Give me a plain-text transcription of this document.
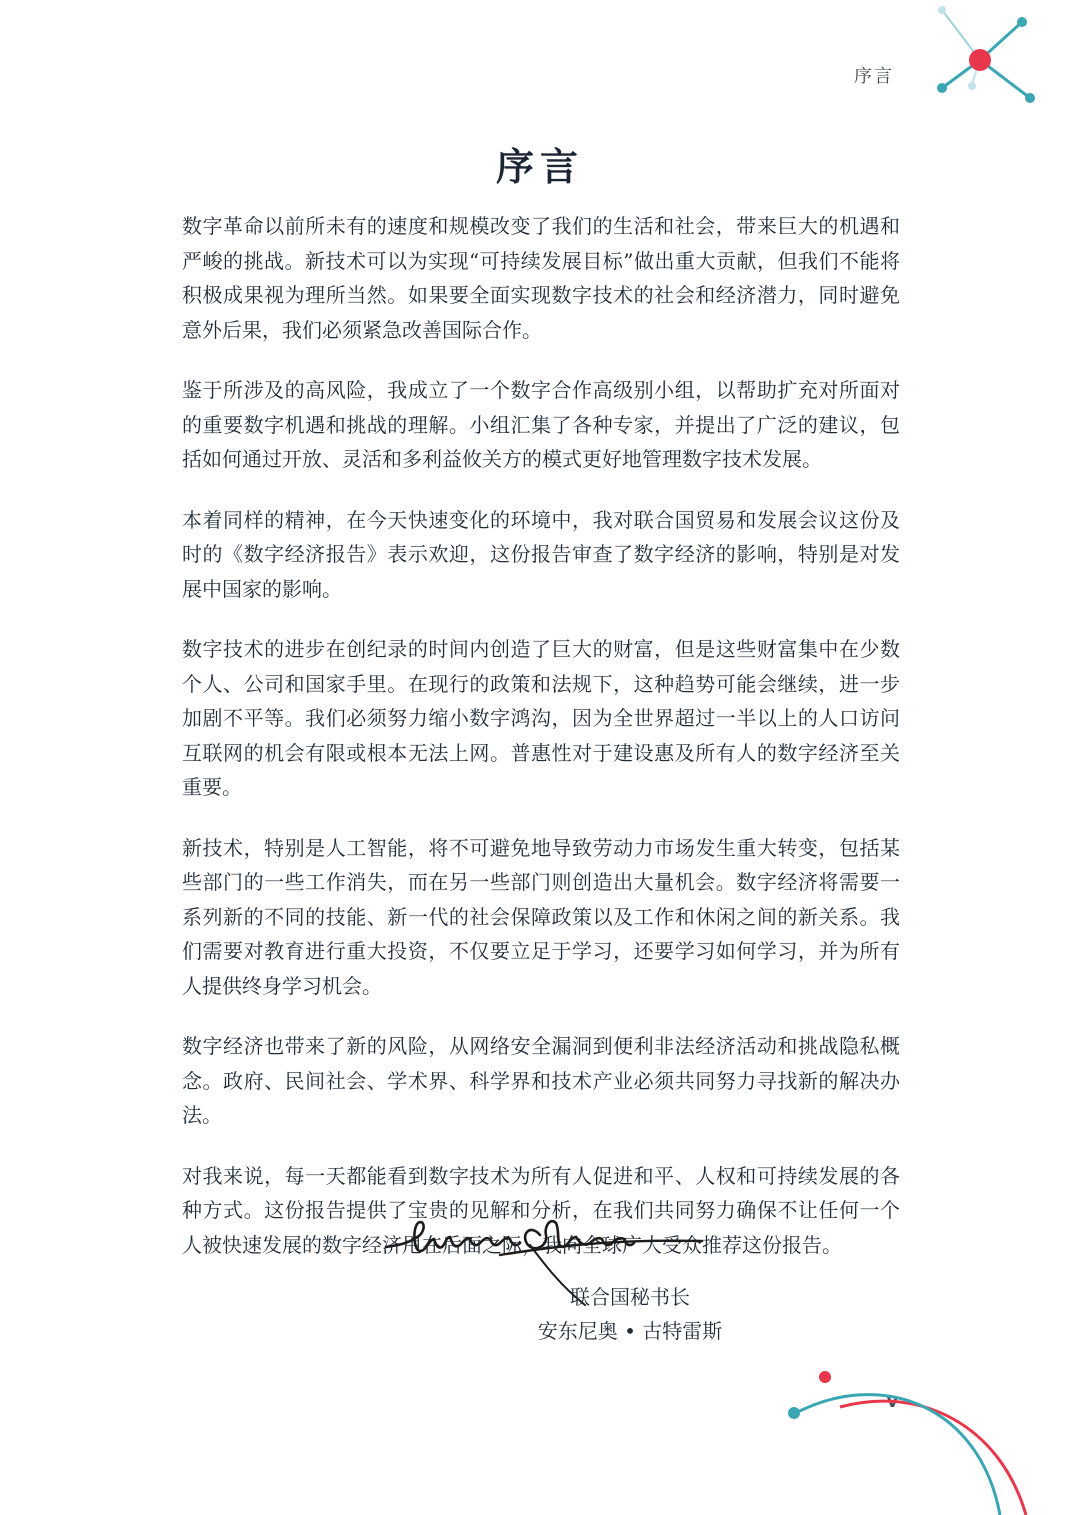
序言
序言

数字革命以前所未有的速度和规模改变了我们的生活和社会，带来巨大的机遇和严峻的挑战。新技术可以为实现“可持续发展目标”做出重大贡献，但我们不能将积极成果视为理所当然。如果要全面实现数字技术的社会和经济潜力，同时避免意外后果，我们必须紧急改善国际合作。

鉴于所涉及的高风险，我成立了一个数字合作高级别小组，以帮助扩充对所面对的重要数字机遇和挑战的理解。小组汇集了各种专家，并提出了广泛的建议，包括如何通过开放、灵活和多利益攸关方的模式更好地管理数字技术发展。

本着同样的精神，在今天快速变化的环境中，我对联合国贸易和发展会议这份及时的《数字经济报告》表示欢迎，这份报告审查了数字经济的影响，特别是对发展中国家的影响。

数字技术的进步在创纪录的时间内创造了巨大的财富，但是这些财富集中在少数个人、公司和国家手里。在现行的政策和法规下，这种趋势可能会继续，进一步加剧不平等。我们必须努力缩小数字鸿沟，因为全世界超过一半以上的人口访问互联网的机会有限或根本无法上网。普惠性对于建设惠及所有人的数字经济至关重要。

新技术，特别是人工智能，将不可避免地导致劳动力市场发生重大转变，包括某些部门的一些工作消失，而在另一些部门则创造出大量机会。数字经济将需要一系列新的不同的技能、新一代的社会保障政策以及工作和休闲之间的新关系。我们需要对教育进行重大投资，不仅要立足于学习，还要学习如何学习，并为所有人提供终身学习机会。

数字经济也带来了新的风险，从网络安全漏洞到便利非法经济活动和挑战隐私概念。政府、民间社会、学术界、科学界和技术产业必须共同努力寻找新的解决办法。

对我来说，每一天都能看到数字技术为所有人促进和平、人权和可持续发展的各种方式。这份报告提供了宝贵的见解和分析，在我们共同努力确保不让任何一个人被快速发展的数字经济甩在后面之际，我向全球广大受众推荐这份报告。

联合国秘书长
安东尼奥 • 古特雷斯
v
